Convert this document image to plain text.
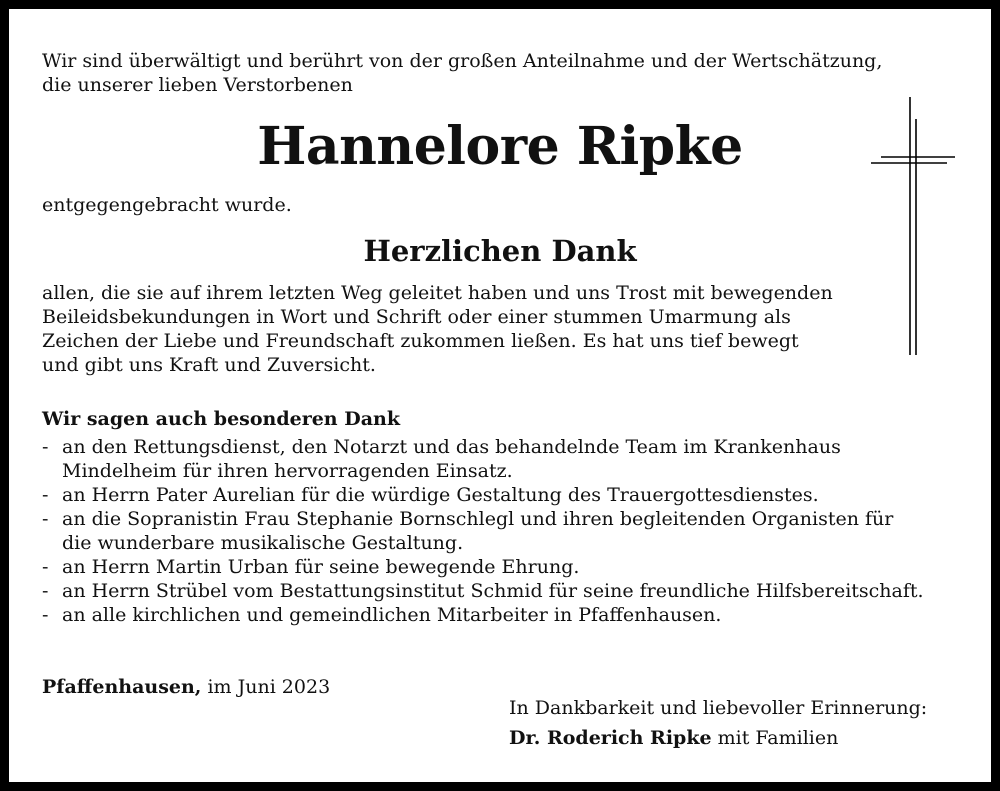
Wir sind überwältigt und berührt von der großen Anteilnahme und der Wertschätzung,
die unserer lieben Verstorbenen
Hannelore Ripke
entgegengebracht wurde.
Herzlichen Dank
allen, die sie auf ihrem letzten Weg geleitet haben und uns Trost mit bewegenden
Beileidsbekundungen in Wort und Schrift oder einer stummen Umarmung als
Zeichen der Liebe und Freundschaft zukommen ließen. Es hat uns tief bewegt
und gibt uns Kraft und Zuversicht.
Wir sagen auch besonderen Dank
- an den Rettungsdienst, den Notarzt und das behandelnde Team im Krankenhaus
Mindelheim für ihren hervorragenden Einsatz.
- an Herrn Pater Aurelian für die würdige Gestaltung des Trauergottesdienstes.
- an die Sopranistin Frau Stephanie Bornschlegl und ihren begleitenden Organisten für
die wunderbare musikalische Gestaltung.
- an Herrn Martin Urban für seine bewegende Ehrung.
- an Herrn Strübel vom Bestattungsinstitut Schmid für seine freundliche Hilfsbereitschaft.
- an alle kirchlichen und gemeindlichen Mitarbeiter in Pfaffenhausen.
Pfaffenhausen, im Juni 2023
In Dankbarkeit und liebevoller Erinnerung:
Dr. Roderich Ripke mit Familien
